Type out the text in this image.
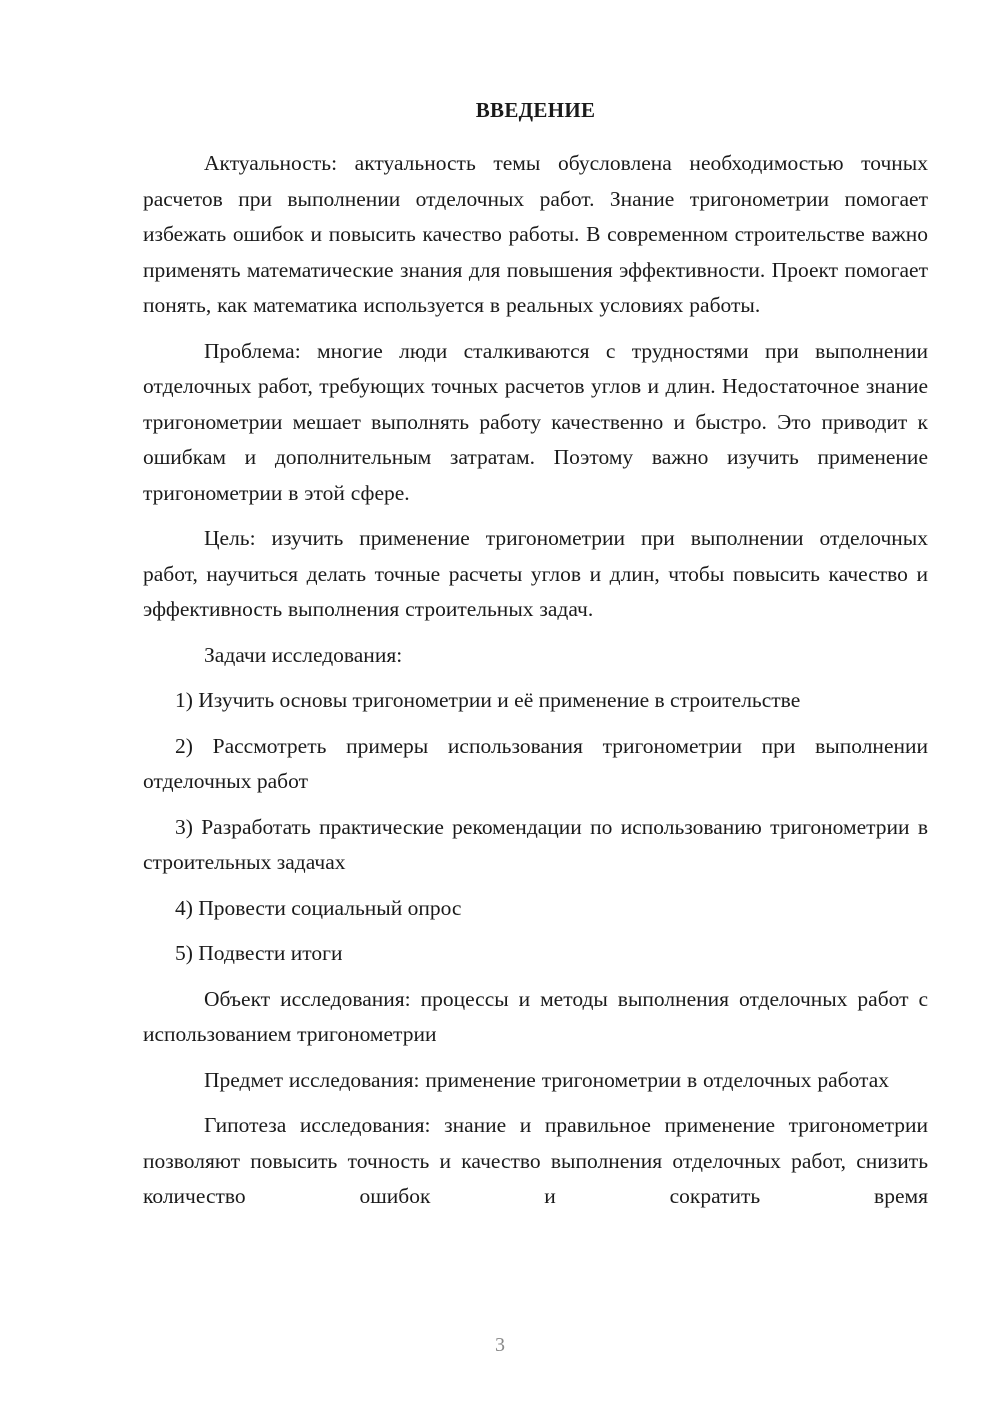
ВВЕДЕНИЕ

Актуальность: актуальность темы обусловлена необходимостью точных расчетов при выполнении отделочных работ. Знание тригонометрии помогает избежать ошибок и повысить качество работы. В современном строительстве важно применять математические знания для повышения эффективности. Проект помогает понять, как математика используется в реальных условиях работы.

Проблема: многие люди сталкиваются с трудностями при выполнении отделочных работ, требующих точных расчетов углов и длин. Недостаточное знание тригонометрии мешает выполнять работу качественно и быстро. Это приводит к ошибкам и дополнительным затратам. Поэтому важно изучить применение тригонометрии в этой сфере.

Цель: изучить применение тригонометрии при выполнении отделочных работ, научиться делать точные расчеты углов и длин, чтобы повысить качество и эффективность выполнения строительных задач.

Задачи исследования:

1) Изучить основы тригонометрии и её применение в строительстве

2) Рассмотреть примеры использования тригонометрии при выполнении отделочных работ

3) Разработать практические рекомендации по использованию тригонометрии в строительных задачах

4) Провести социальный опрос

5) Подвести итоги

Объект исследования: процессы и методы выполнения отделочных работ с использованием тригонометрии

Предмет исследования: применение тригонометрии в отделочных работах

Гипотеза исследования: знание и правильное применение тригонометрии позволяют повысить точность и качество выполнения отделочных работ, снизить количество ошибок и сократить время

3
